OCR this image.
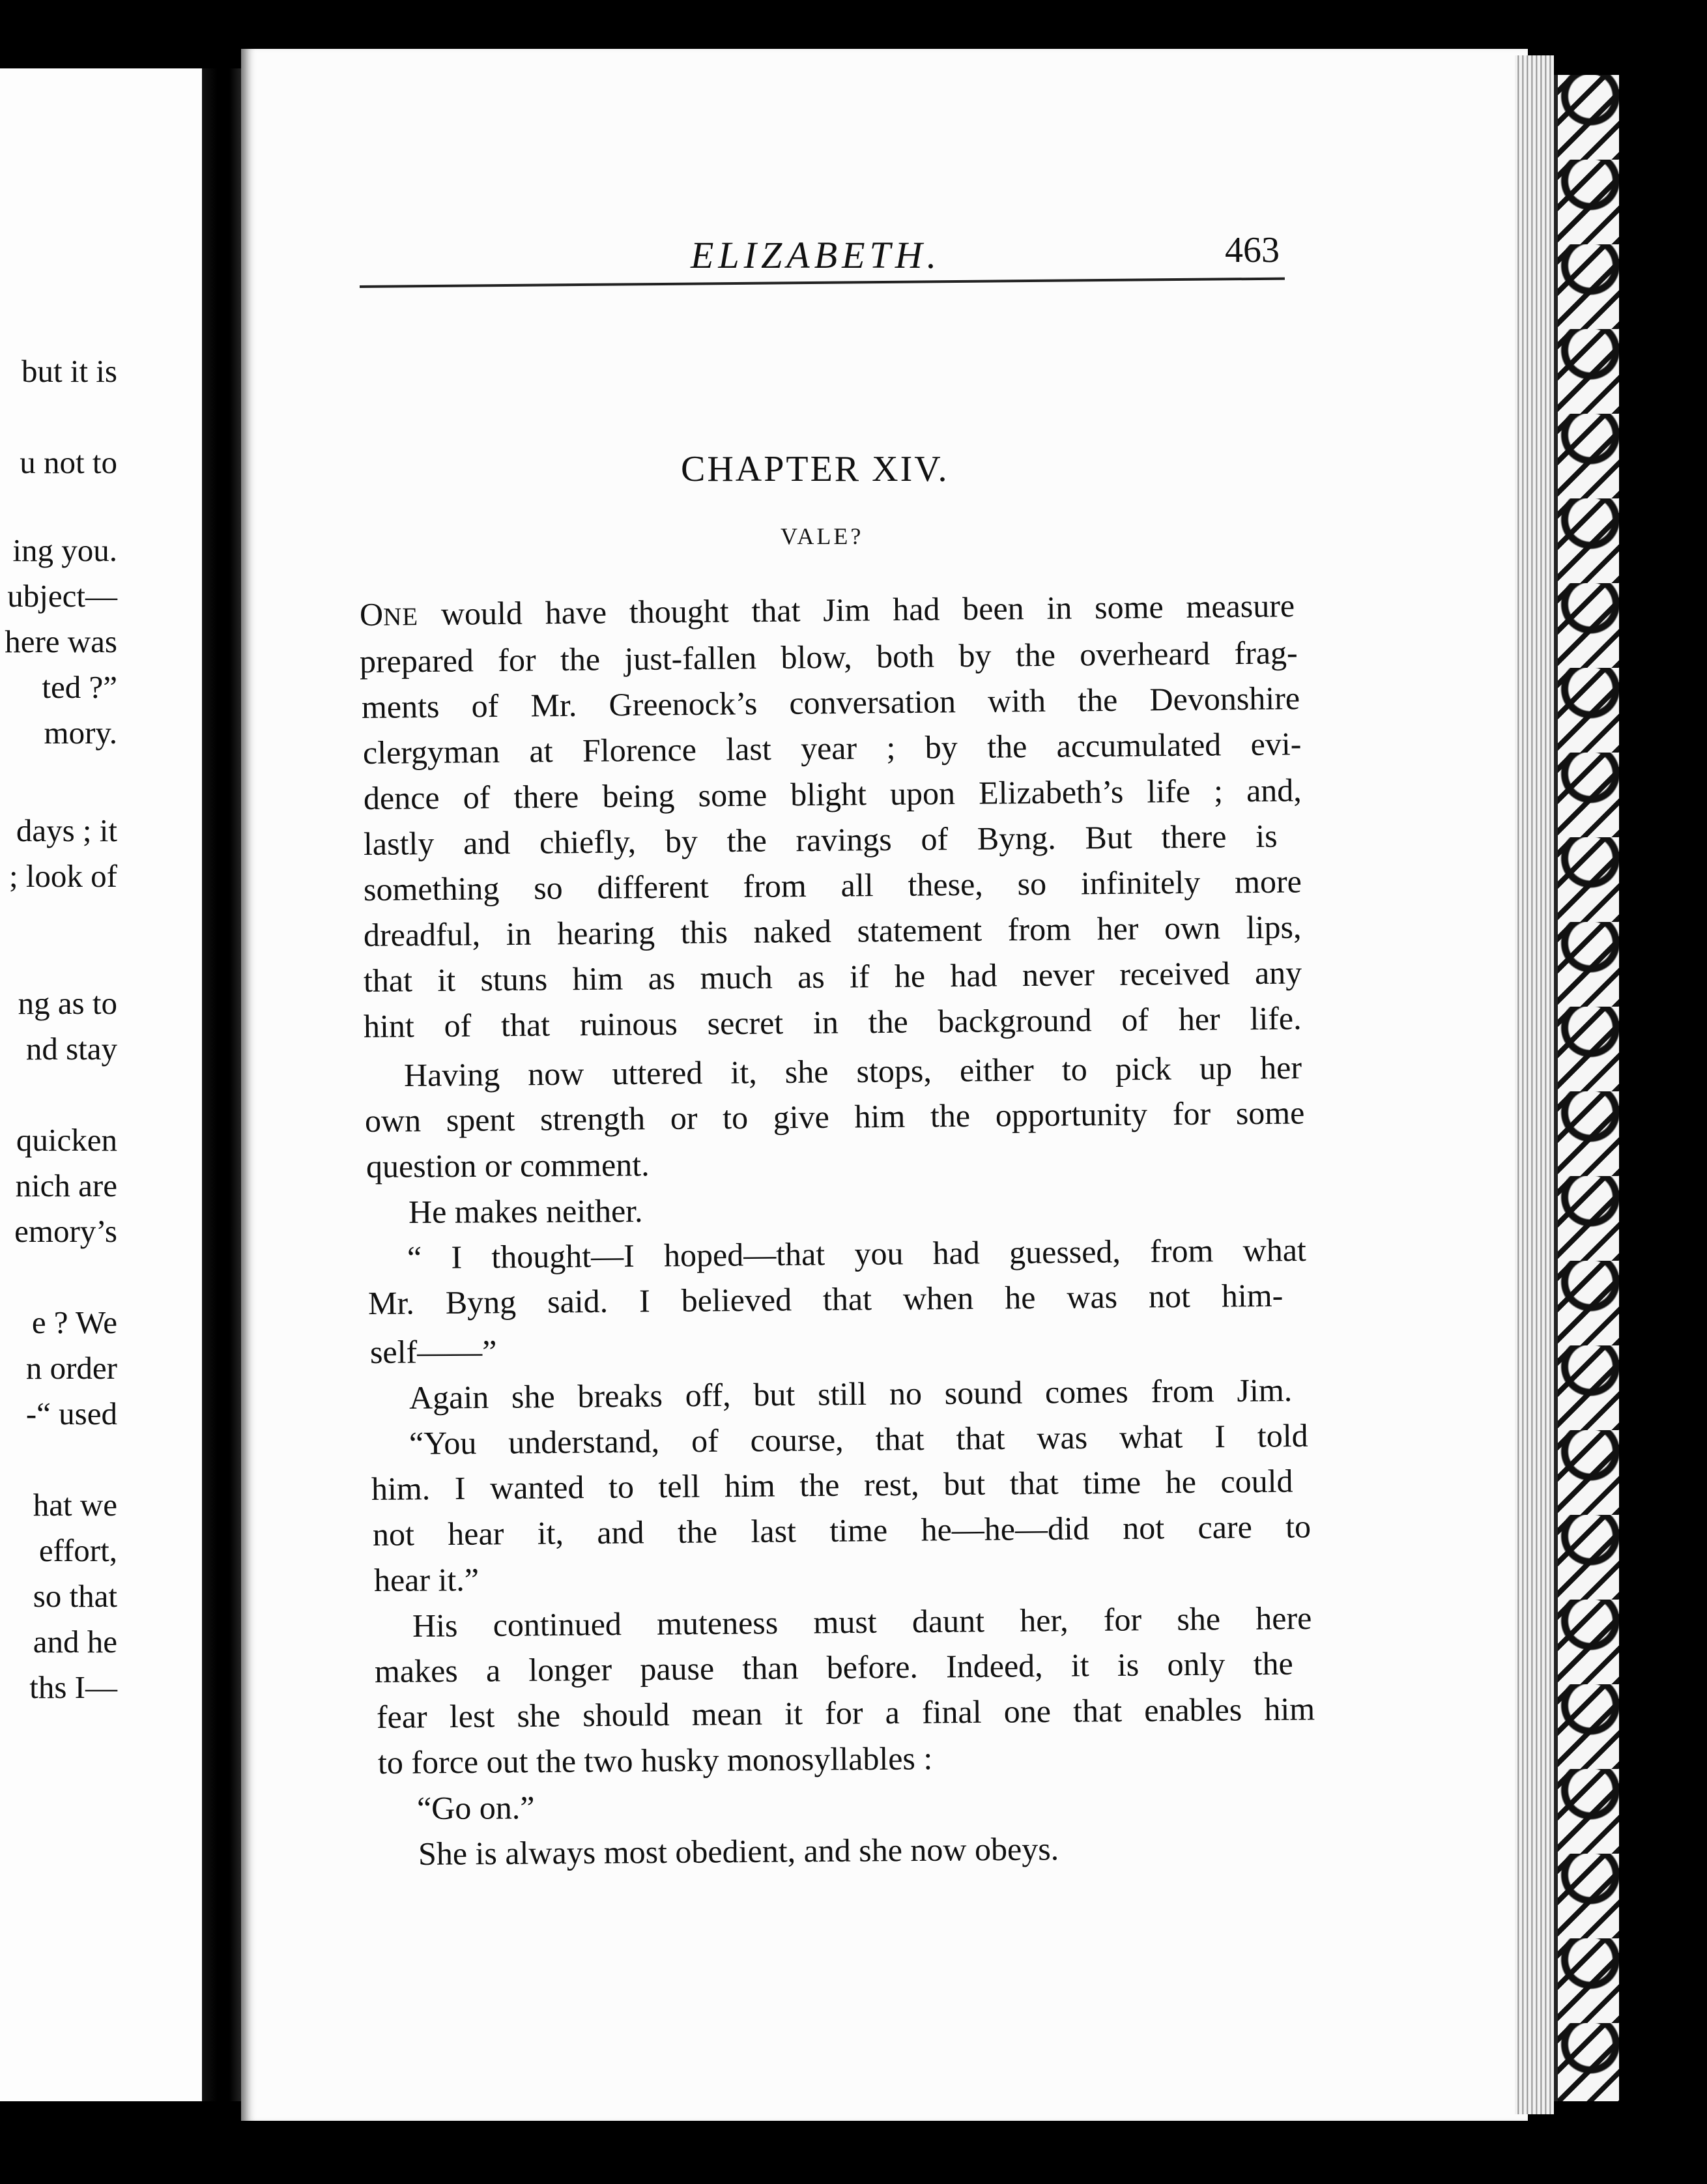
but it is
u not to
ing you.
ubject—
here was
ted ?”
mory.
days ; it
; look of
ng as to
nd stay
quicken
nich are
emory’s
e ? We
n order
-“ used
hat we
effort,
so that
and he
ths I—
ELIZABETH.	463
CHAPTER XIV.
VALE?
ONE would have thought that Jim had been in some measure
prepared for the just-fallen blow, both by the overheard frag-
ments of Mr. Greenock’s conversation with the Devonshire
clergyman at Florence last year ; by the accumulated evi-
dence of there being some blight upon Elizabeth’s life ; and,
lastly and chiefly, by the ravings of Byng. But there is
something so different from all these, so infinitely more
dreadful, in hearing this naked statement from her own lips,
that it stuns him as much as if he had never received any
hint of that ruinous secret in the background of her life.
Having now uttered it, she stops, either to pick up her
own spent strength or to give him the opportunity for some
question or comment.
He makes neither.
“ I thought—I hoped—that you had guessed, from what
Mr. Byng said. I believed that when he was not him-
self——”
Again she breaks off, but still no sound comes from Jim.
“You understand, of course, that that was what I told
him. I wanted to tell him the rest, but that time he could
not hear it, and the last time he—he—did not care to
hear it.”
His continued muteness must daunt her, for she here
makes a longer pause than before. Indeed, it is only the
fear lest she should mean it for a final one that enables him
to force out the two husky monosyllables :
“Go on.”
She is always most obedient, and she now obeys.
